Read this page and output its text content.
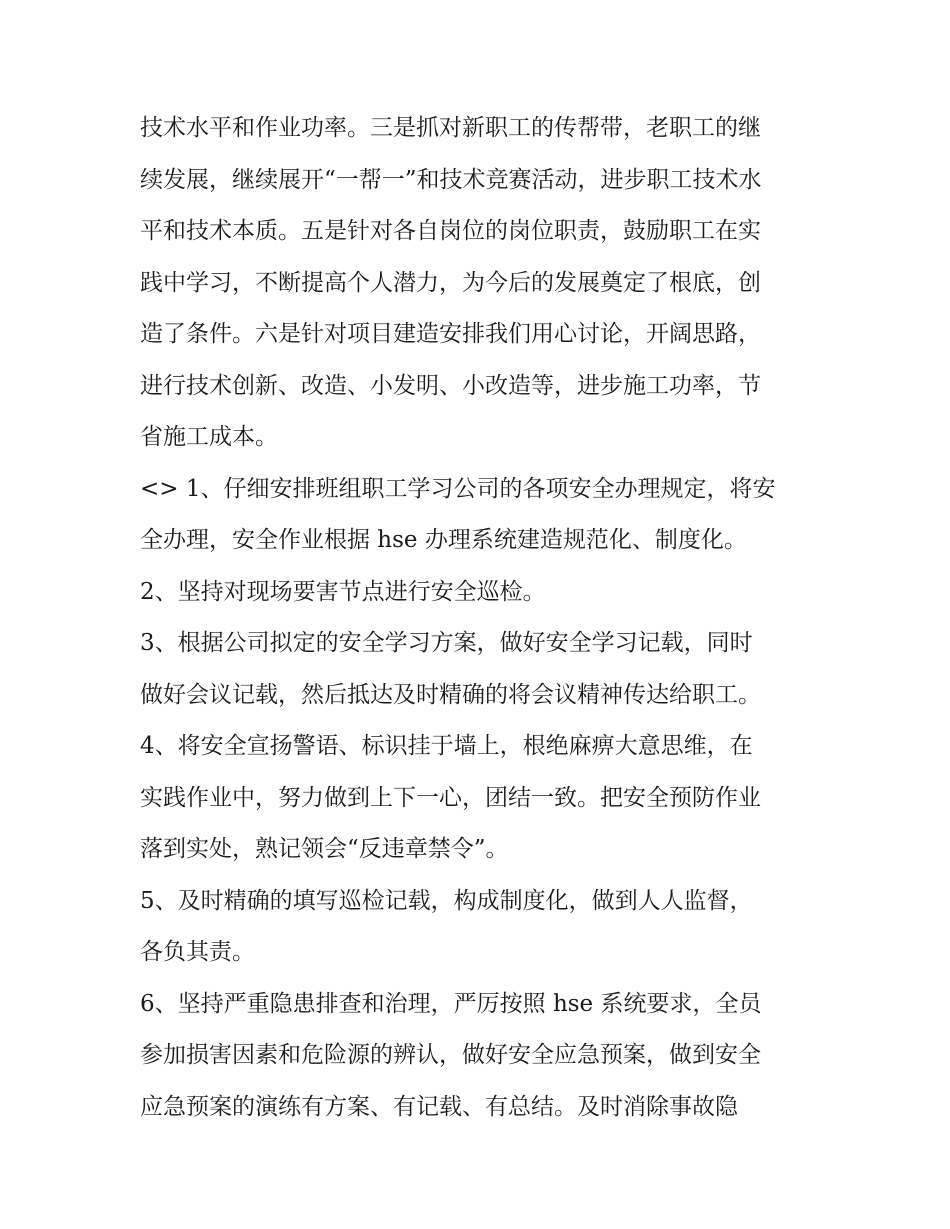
技术水平和作业功率。三是抓对新职工的传帮带，老职工的继
续发展，继续展开“一帮一”和技术竞赛活动，进步职工技术水
平和技术本质。五是针对各自岗位的岗位职责，鼓励职工在实
践中学习，不断提高个人潜力，为今后的发展奠定了根底，创
造了条件。六是针对项目建造安排我们用心讨论，开阔思路，
进行技术创新、改造、小发明、小改造等，进步施工功率，节
省施工成本。
<> 1、仔细安排班组职工学习公司的各项安全办理规定，将安
全办理，安全作业根据 hse 办理系统建造规范化、制度化。
2、坚持对现场要害节点进行安全巡检。
3、根据公司拟定的安全学习方案，做好安全学习记载，同时
做好会议记载，然后抵达及时精确的将会议精神传达给职工。
4、将安全宣扬警语、标识挂于墙上，根绝麻痹大意思维，在
实践作业中，努力做到上下一心，团结一致。把安全预防作业
落到实处，熟记领会“反违章禁令”。
5、及时精确的填写巡检记载，构成制度化，做到人人监督，
各负其责。
6、坚持严重隐患排查和治理，严厉按照 hse 系统要求，全员
参加损害因素和危险源的辨认，做好安全应急预案，做到安全
应急预案的演练有方案、有记载、有总结。及时消除事故隐
